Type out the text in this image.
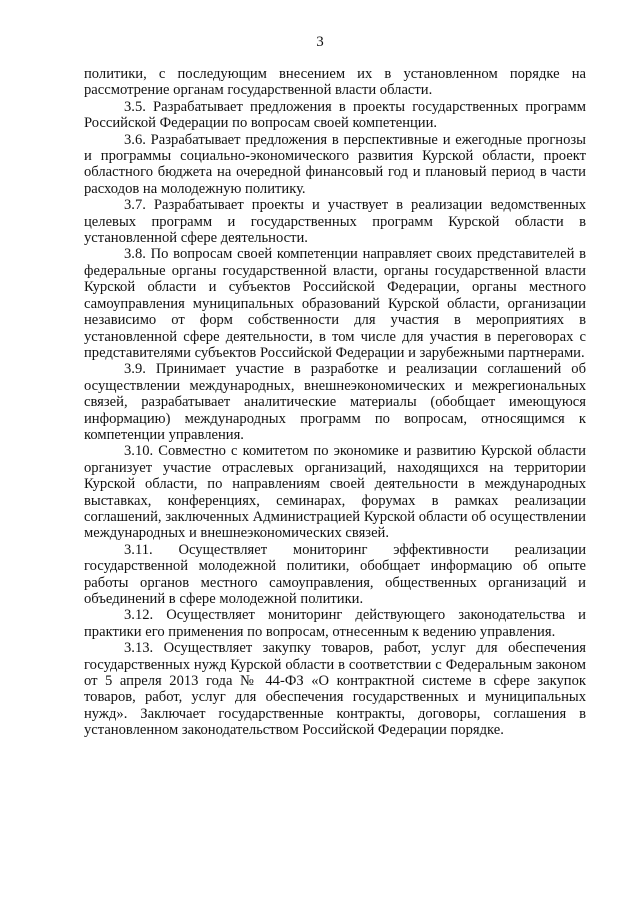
3

политики, с последующим внесением их в установленном порядке на рассмотрение органам государственной власти области.

3.5. Разрабатывает предложения в проекты государственных программ Российской Федерации по вопросам своей компетенции.

3.6. Разрабатывает предложения в перспективные и ежегодные прогнозы и программы социально-экономического развития Курской области, проект областного бюджета на очередной финансовый год и плановый период в части расходов на молодежную политику.

3.7. Разрабатывает проекты и участвует в реализации ведомственных целевых программ и государственных программ Курской области в установленной сфере деятельности.

3.8. По вопросам своей компетенции направляет своих представителей в федеральные органы государственной власти, органы государственной власти Курской области и субъектов Российской Федерации, органы местного самоуправления муниципальных образований Курской области, организации независимо от форм собственности для участия в мероприятиях в установленной сфере деятельности, в том числе для участия в переговорах с представителями субъектов Российской Федерации и зарубежными партнерами.

3.9. Принимает участие в разработке и реализации соглашений об осуществлении международных, внешнеэкономических и межрегиональных связей, разрабатывает аналитические материалы (обобщает имеющуюся информацию) международных программ по вопросам, относящимся к компетенции управления.

3.10. Совместно с комитетом по экономике и развитию Курской области организует участие отраслевых организаций, находящихся на территории Курской области, по направлениям своей деятельности в международных выставках, конференциях, семинарах, форумах в рамках реализации соглашений, заключенных Администрацией Курской области об осуществлении международных и внешнеэкономических связей.

3.11. Осуществляет мониторинг эффективности реализации государственной молодежной политики, обобщает информацию об опыте работы органов местного самоуправления, общественных организаций и объединений в сфере молодежной политики.

3.12. Осуществляет мониторинг действующего законодательства и практики его применения по вопросам, отнесенным к ведению управления.

3.13. Осуществляет закупку товаров, работ, услуг для обеспечения государственных нужд Курской области в соответствии с Федеральным законом от 5 апреля 2013 года № 44-ФЗ «О контрактной системе в сфере закупок товаров, работ, услуг для обеспечения государственных и муниципальных нужд». Заключает государственные контракты, договоры, соглашения в установленном законодательством Российской Федерации порядке.
